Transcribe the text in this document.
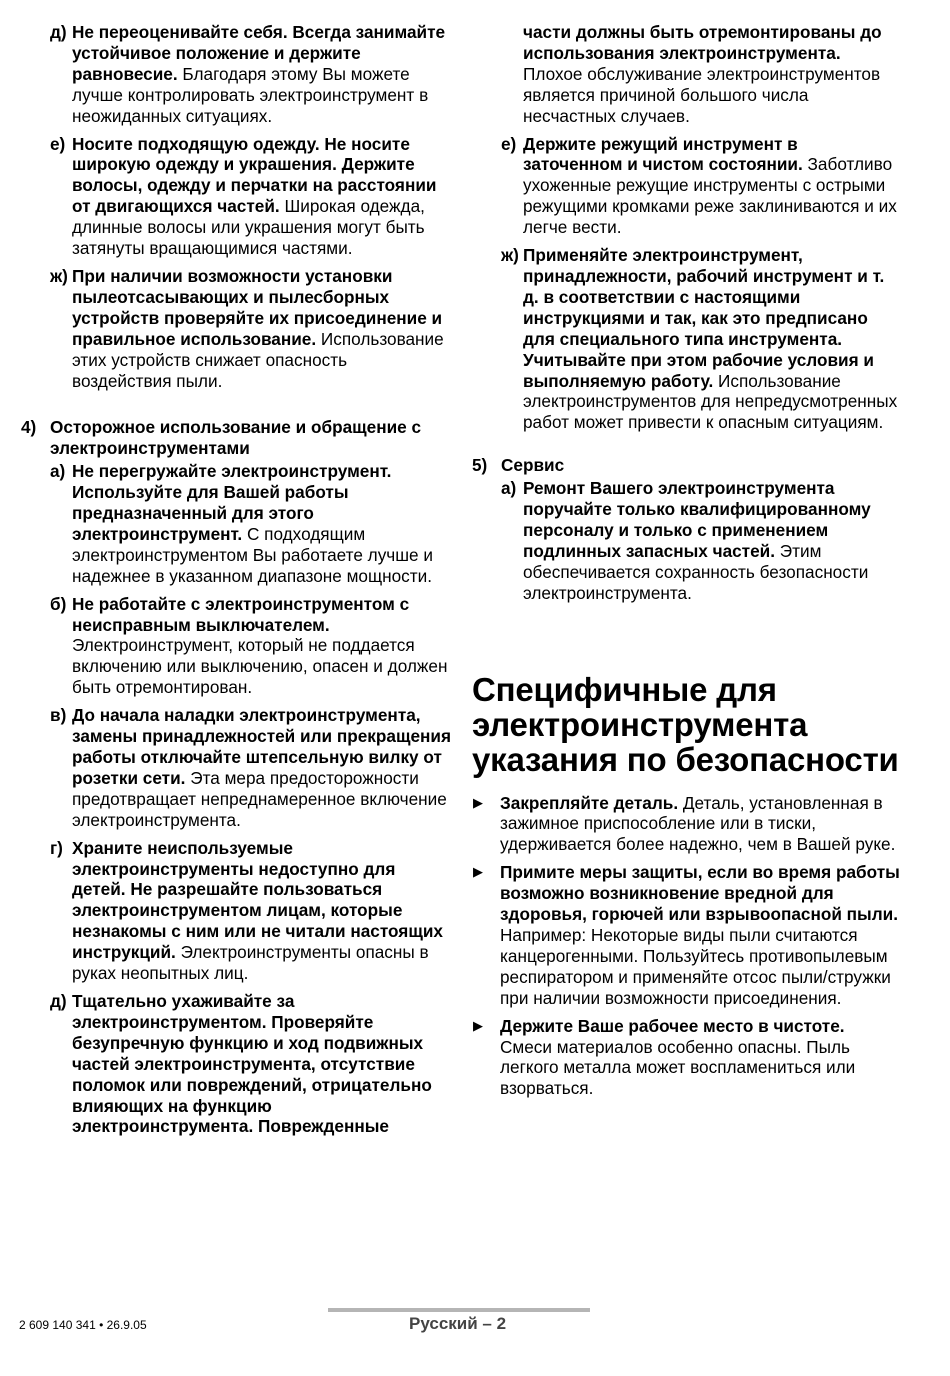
д) Не переоценивайте себя. Всегда занимайте устойчивое положение и держите равновесие. Благодаря этому Вы можете лучше контролировать электроинструмент в неожиданных ситуациях.
е) Носите подходящую одежду. Не носите широкую одежду и украшения. Держите волосы, одежду и перчатки на расстоянии от двигающихся частей. Широкая одежда, длинные волосы или украшения могут быть затянуты вращающимися частями.
ж) При наличии возможности установки пылеотсасывающих и пылесборных устройств проверяйте их присоединение и правильное использование. Использование этих устройств снижает опасность воздействия пыли.
4) Осторожное использование и обращение с электроинструментами
а) Не перегружайте электроинструмент. Используйте для Вашей работы предназначенный для этого электроинструмент. С подходящим электроинструментом Вы работаете лучше и надежнее в указанном диапазоне мощности.
б) Не работайте с электроинструментом с неисправным выключателем. Электроинструмент, который не поддается включению или выключению, опасен и должен быть отремонтирован.
в) До начала наладки электроинструмента, замены принадлежностей или прекращения работы отключайте штепсельную вилку от розетки сети. Эта мера предосторожности предотвращает непреднамеренное включение электроинструмента.
г) Храните неиспользуемые электроинструменты недоступно для детей. Не разрешайте пользоваться электроинструментом лицам, которые незнакомы с ним или не читали настоящих инструкций. Электроинструменты опасны в руках неопытных лиц.
д) Тщательно ухаживайте за электроинструментом. Проверяйте безупречную функцию и ход подвижных частей электроинструмента, отсутствие поломок или повреждений, отрицательно влияющих на функцию электроинструмента. Поврежденные
части должны быть отремонтированы до использования электроинструмента. Плохое обслуживание электроинструментов является причиной большого числа несчастных случаев.
е) Держите режущий инструмент в заточенном и чистом состоянии. Заботливо ухоженные режущие инструменты с острыми режущими кромками реже заклиниваются и их легче вести.
ж) Применяйте электроинструмент, принадлежности, рабочий инструмент и т. д. в соответствии с настоящими инструкциями и так, как это предписано для специального типа инструмента. Учитывайте при этом рабочие условия и выполняемую работу. Использование электроинструментов для непредусмотренных работ может привести к опасным ситуациям.
5) Сервис
а) Ремонт Вашего электроинструмента поручайте только квалифицированному персоналу и только с применением подлинных запасных частей. Этим обеспечивается сохранность безопасности электроинструмента.
Специфичные для электроинструмента указания по безопасности
▶ Закрепляйте деталь. Деталь, установленная в зажимное приспособление или в тиски, удерживается более надежно, чем в Вашей руке.
▶ Примите меры защиты, если во время работы возможно возникновение вредной для здоровья, горючей или взрывоопасной пыли. Например: Некоторые виды пыли считаются канцерогенными. Пользуйтесь противопылевым респиратором и применяйте отсос пыли/стружки при наличии возможности присоединения.
▶ Держите Ваше рабочее место в чистоте. Смеси материалов особенно опасны. Пыль легкого металла может воспламениться или взорваться.
2 609 140 341 • 26.9.05	Русский – 2
